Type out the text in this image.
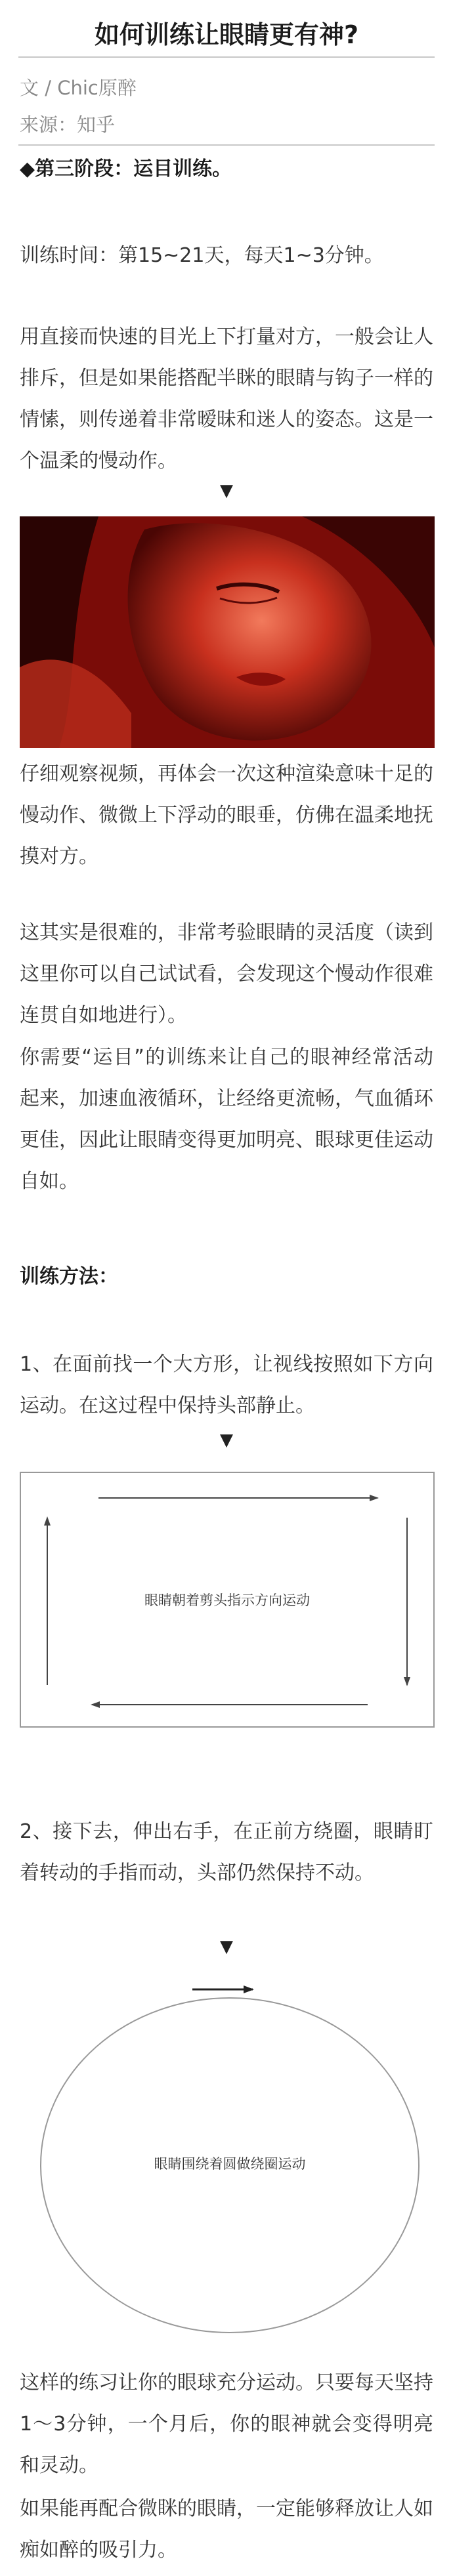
如何训练让眼睛更有神?
文 / Chic原醉
来源：知乎

◆第三阶段：运目训练。

训练时间：第15~21天，每天1~3分钟。

用直接而快速的目光上下打量对方，一般会让人排斥，但是如果能搭配半眯的眼睛与钩子一样的情愫，则传递着非常暧昧和迷人的姿态。这是一个温柔的慢动作。

▼

仔细观察视频，再体会一次这种渲染意味十足的慢动作、微微上下浮动的眼垂，仿佛在温柔地抚摸对方。

这其实是很难的，非常考验眼睛的灵活度（读到这里你可以自己试试看，会发现这个慢动作很难连贯自如地进行）。

你需要“运目”的训练来让自己的眼神经常活动起来，加速血液循环，让经络更流畅，气血循环更佳，因此让眼睛变得更加明亮、眼球更佳运动自如。

训练方法：

1、在面前找一个大方形，让视线按照如下方向运动。在这过程中保持头部静止。

▼
眼睛朝着剪头指示方向运动

2、接下去，伸出右手，在正前方绕圈，眼睛盯着转动的手指而动，头部仍然保持不动。

▼
眼睛围绕着圆做绕圈运动

这样的练习让你的眼球充分运动。只要每天坚持1～3分钟，一个月后，你的眼神就会变得明亮和灵动。

如果能再配合微眯的眼睛，一定能够释放让人如痴如醉的吸引力。
